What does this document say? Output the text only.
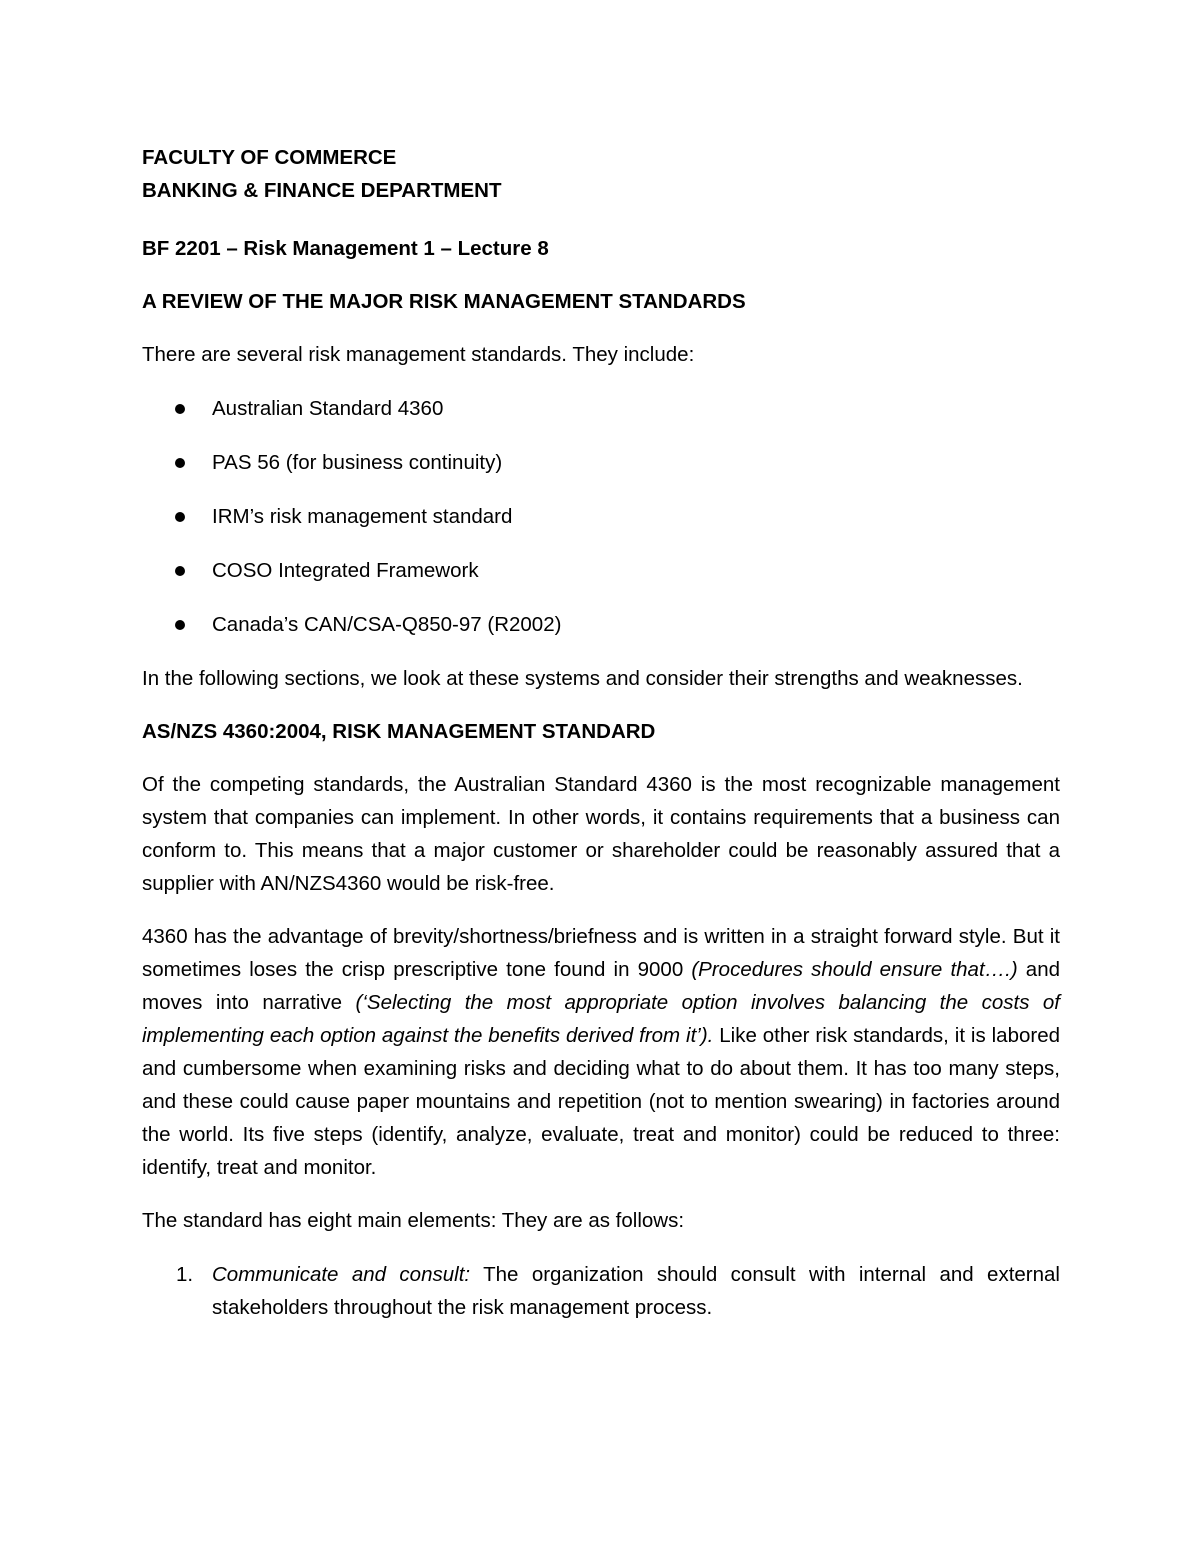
FACULTY OF COMMERCE

BANKING & FINANCE DEPARTMENT

BF 2201 – Risk Management 1 – Lecture 8

A REVIEW OF THE MAJOR RISK MANAGEMENT STANDARDS

There are several risk management standards. They include:

Australian Standard 4360
PAS 56 (for business continuity)
IRM’s risk management standard
COSO Integrated Framework
Canada’s CAN/CSA-Q850-97 (R2002)

In the following sections, we look at these systems and consider their strengths and weaknesses.

AS/NZS 4360:2004, RISK MANAGEMENT STANDARD

Of the competing standards, the Australian Standard 4360 is the most recognizable management system that companies can implement. In other words, it contains requirements that a business can conform to. This means that a major customer or shareholder could be reasonably assured that a supplier with AN/NZS4360 would be risk-free.

4360 has the advantage of brevity/shortness/briefness and is written in a straight forward style. But it sometimes loses the crisp prescriptive tone found in 9000 (Procedures should ensure that….) and moves into narrative (‘Selecting the most appropriate option involves balancing the costs of implementing each option against the benefits derived from it’). Like other risk standards, it is labored and cumbersome when examining risks and deciding what to do about them. It has too many steps, and these could cause paper mountains and repetition (not to mention swearing) in factories around the world. Its five steps (identify, analyze, evaluate, treat and monitor) could be reduced to three: identify, treat and monitor.

The standard has eight main elements: They are as follows:

1. Communicate and consult: The organization should consult with internal and external stakeholders throughout the risk management process.
